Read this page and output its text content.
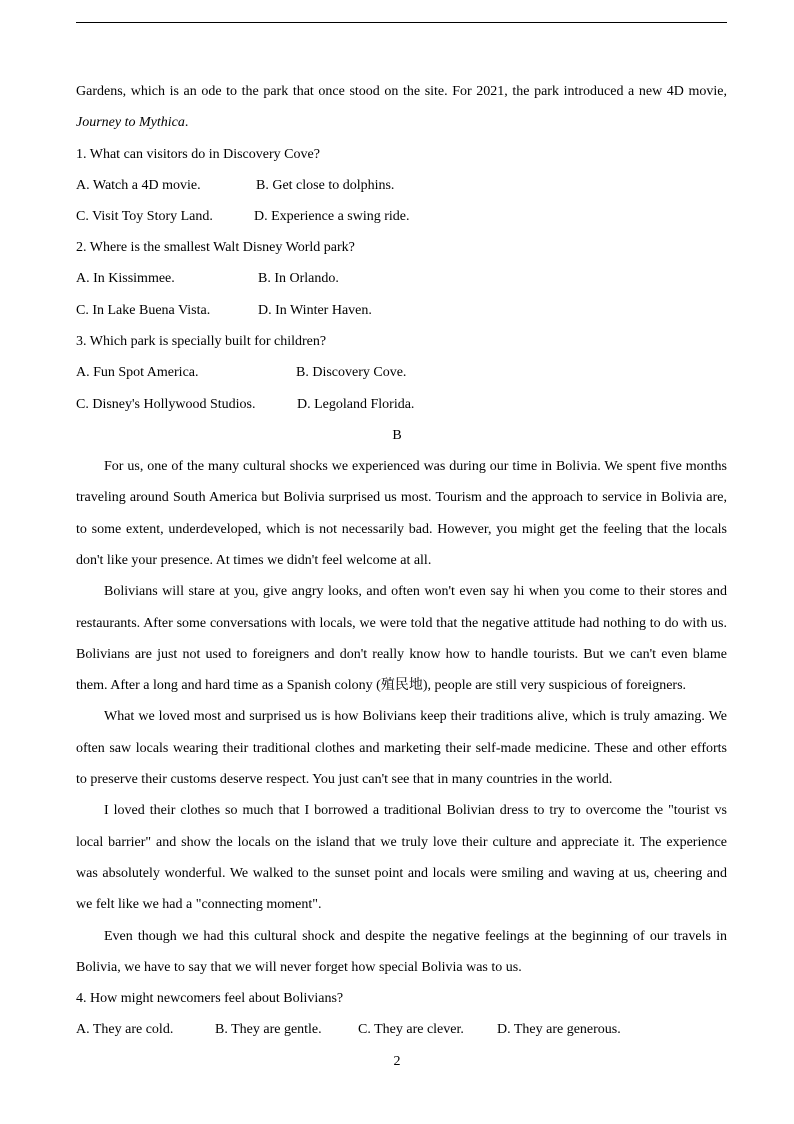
Gardens, which is an ode to the park that once stood on the site. For 2021, the park introduced a new 4D movie,
Journey to Mythica.
1. What can visitors do in Discovery Cove?
A. Watch a 4D movie.	B. Get close to dolphins.
C. Visit Toy Story Land.	D. Experience a swing ride.
2. Where is the smallest Walt Disney World park?
A. In Kissimmee.	B. In Orlando.
C. In Lake Buena Vista.	D. In Winter Haven.
3. Which park is specially built for children?
A. Fun Spot America.	B. Discovery Cove.
C. Disney's Hollywood Studios.	D. Legoland Florida.
B
For us, one of the many cultural shocks we experienced was during our time in Bolivia. We spent five months
traveling around South America but Bolivia surprised us most. Tourism and the approach to service in Bolivia are,
to some extent, underdeveloped, which is not necessarily bad. However, you might get the feeling that the locals
don't like your presence. At times we didn't feel welcome at all.
Bolivians will stare at you, give angry looks, and often won't even say hi when you come to their stores and
restaurants. After some conversations with locals, we were told that the negative attitude had nothing to do with us.
Bolivians are just not used to foreigners and don't really know how to handle tourists. But we can't even blame
them. After a long and hard time as a Spanish colony (殖民地), people are still very suspicious of foreigners.
What we loved most and surprised us is how Bolivians keep their traditions alive, which is truly amazing. We
often saw locals wearing their traditional clothes and marketing their self-made medicine. These and other efforts
to preserve their customs deserve respect. You just can't see that in many countries in the world.
I loved their clothes so much that I borrowed a traditional Bolivian dress to try to overcome the "tourist vs
local barrier" and show the locals on the island that we truly love their culture and appreciate it. The experience
was absolutely wonderful. We walked to the sunset point and locals were smiling and waving at us, cheering and
we felt like we had a "connecting moment".
Even though we had this cultural shock and despite the negative feelings at the beginning of our travels in
Bolivia, we have to say that we will never forget how special Bolivia was to us.
4. How might newcomers feel about Bolivians?
A. They are cold.	B. They are gentle.	C. They are clever. D. They are generous.
2
